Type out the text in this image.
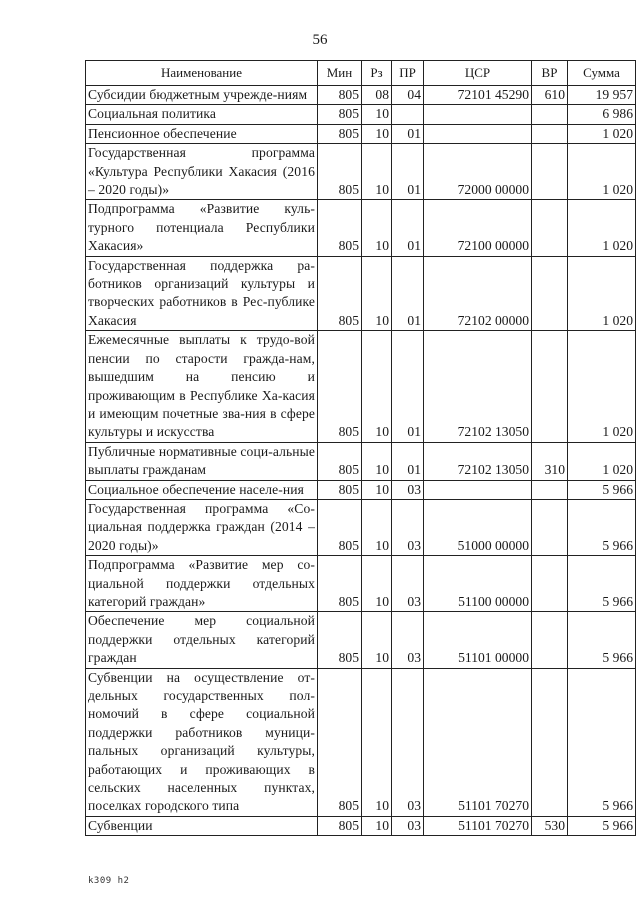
56
Наименование	Мин	Рз	ПР	ЦСР	ВР	Сумма
Субсидии бюджетным учрежде-ниям	805	08	04	72101 45290	610	19 957
Социальная политика	805	10				6 986
Пенсионное обеспечение	805	10	01			1 020
Государственная программа «Культура Республики Хакасия (2016 – 2020 годы)»	805	10	01	72000 00000		1 020
Подпрограмма «Развитие куль-турного потенциала Республики Хакасия»	805	10	01	72100 00000		1 020
Государственная поддержка ра-ботников организаций культуры и творческих работников в Рес-публике Хакасия	805	10	01	72102 00000		1 020
Ежемесячные выплаты к трудо-вой пенсии по старости гражда-нам, вышедшим на пенсию и проживающим в Республике Ха-касия и имеющим почетные зва-ния в сфере культуры и искусства	805	10	01	72102 13050		1 020
Публичные нормативные соци-альные выплаты гражданам	805	10	01	72102 13050	310	1 020
Социальное обеспечение населе-ния	805	10	03			5 966
Государственная программа «Со-циальная поддержка граждан (2014 – 2020 годы)»	805	10	03	51000 00000		5 966
Подпрограмма «Развитие мер со-циальной поддержки отдельных категорий граждан»	805	10	03	51100 00000		5 966
Обеспечение мер социальной поддержки отдельных категорий граждан	805	10	03	51101 00000		5 966
Субвенции на осуществление от-дельных государственных пол-номочий в сфере социальной поддержки работников муници-пальных организаций культуры, работающих и проживающих в сельских населенных пунктах, поселках городского типа	805	10	03	51101 70270		5 966
Субвенции	805	10	03	51101 70270	530	5 966
k309 h2
